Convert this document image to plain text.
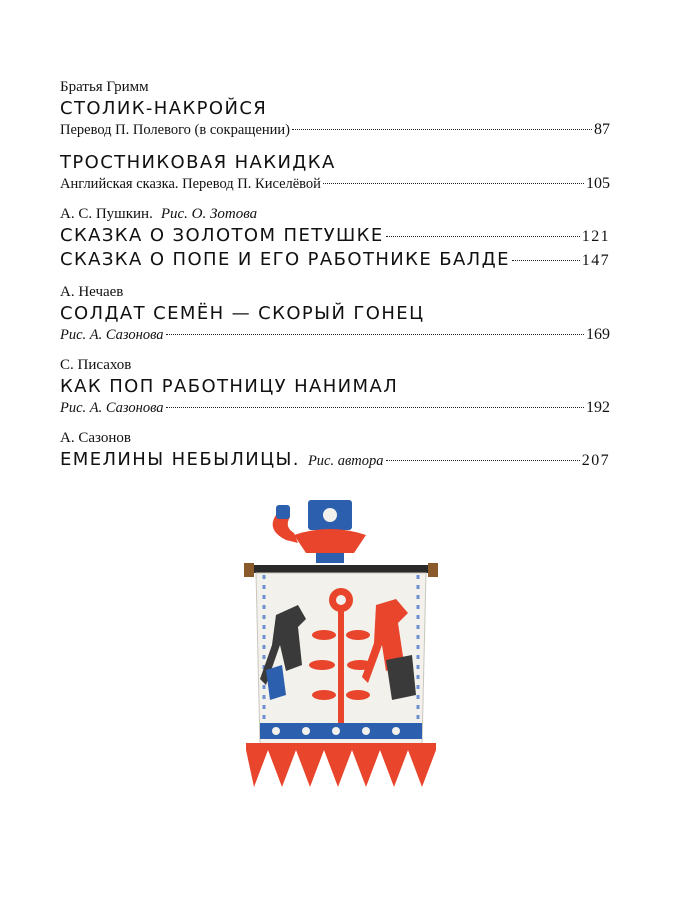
Братья Гримм
СТОЛИК-НАКРОЙСЯ
Перевод П. Полевого (в сокращении)	87
ТРОСТНИКОВАЯ НАКИДКА
Английская сказка. Перевод П. Киселёвой	105
А. С. Пушкин. Рис. О. Зотова
СКАЗКА О ЗОЛОТОМ ПЕТУШКЕ	121
СКАЗКА О ПОПЕ И ЕГО РАБОТНИКЕ БАЛДЕ	147
А. Нечаев
СОЛДАТ СЕМЁН — СКОРЫЙ ГОНЕЦ
Рис. А. Сазонова	169
С. Писахов
КАК ПОП РАБОТНИЦУ НАНИМАЛ
Рис. А. Сазонова	192
А. Сазонов
ЕМЕЛИНЫ НЕБЫЛИЦЫ. Рис. автора	207
